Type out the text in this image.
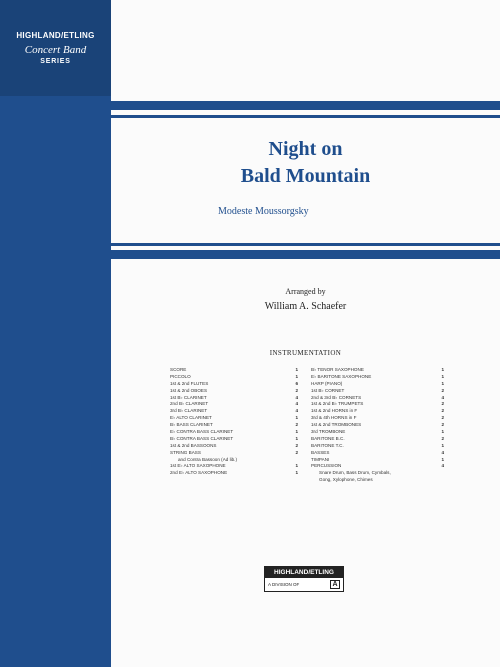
HIGHLAND/ETLING
Concert Band
SERIES
Night on
Bald Mountain
Modeste Moussorgsky
Arranged by
William A. Schaefer
INSTRUMENTATION
SCORE	1
PICCOLO	1
1st & 2nd FLUTES	6
1st & 2nd OBOES	2
1st B♭ CLARINET	4
2nd B♭ CLARINET	4
3rd B♭ CLARINET	4
E♭ ALTO CLARINET	1
B♭ BASS CLARINET	2
E♭ CONTRA BASS CLARINET	1
B♭ CONTRA BASS CLARINET	1
1st & 2nd BASSOONS	2
STRING BASS	2
and Contra Bassoon (Ad lib.)
1st E♭ ALTO SAXOPHONE	1
2nd E♭ ALTO SAXOPHONE	1
B♭ TENOR SAXOPHONE	1
E♭ BARITONE SAXOPHONE	1
HARP (PIANO)	1
1st B♭ CORNET	2
2nd & 3rd B♭ CORNETS	4
1st & 2nd B♭ TRUMPETS	2
1st & 2nd HORNS in F	2
3rd & 4th HORNS in F	2
1st & 2nd TROMBONES	2
3rd TROMBONE	1
BARITONE B.C.	2
BARITONE T.C.	1
BASSES	4
TIMPANI	1
PERCUSSION	4
Snare Drum, Bass Drum, Cymbals,
Gong, Xylophone, Chimes
HIGHLAND/ETLING
A DIVISION OF	A
